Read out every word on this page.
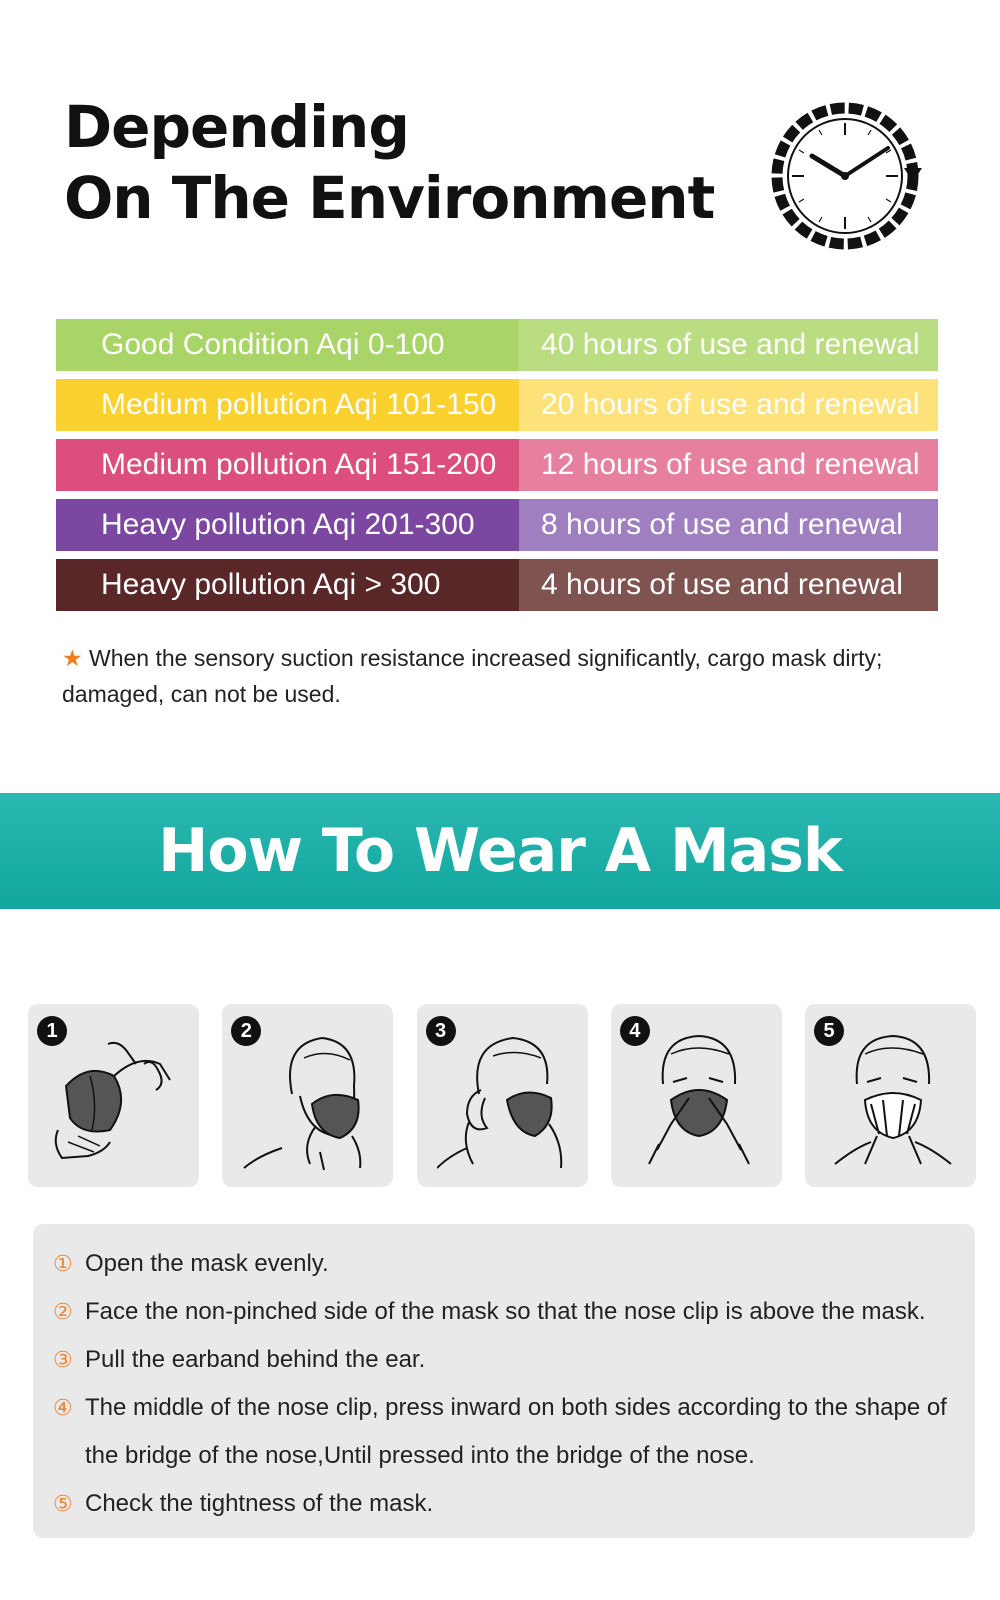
Depending
On The Environment
Good Condition Aqi 0-100	40 hours of use and renewal
Medium pollution Aqi 101-150	20 hours of use and renewal
Medium pollution Aqi 151-200	12 hours of use and renewal
Heavy pollution Aqi 201-300	8 hours of use and renewal
Heavy pollution Aqi > 300	4 hours of use and renewal
★ When the sensory suction resistance increased significantly, cargo mask dirty; damaged, can not be used.
How To Wear A Mask
1	2	3	4	5
① Open the mask evenly.
② Face the non-pinched side of the mask so that the nose clip is above the mask.
③ Pull the earband behind the ear.
④ The middle of the nose clip, press inward on both sides according to the shape of the bridge of the nose,Until pressed into the bridge of the nose.
⑤ Check the tightness of the mask.
